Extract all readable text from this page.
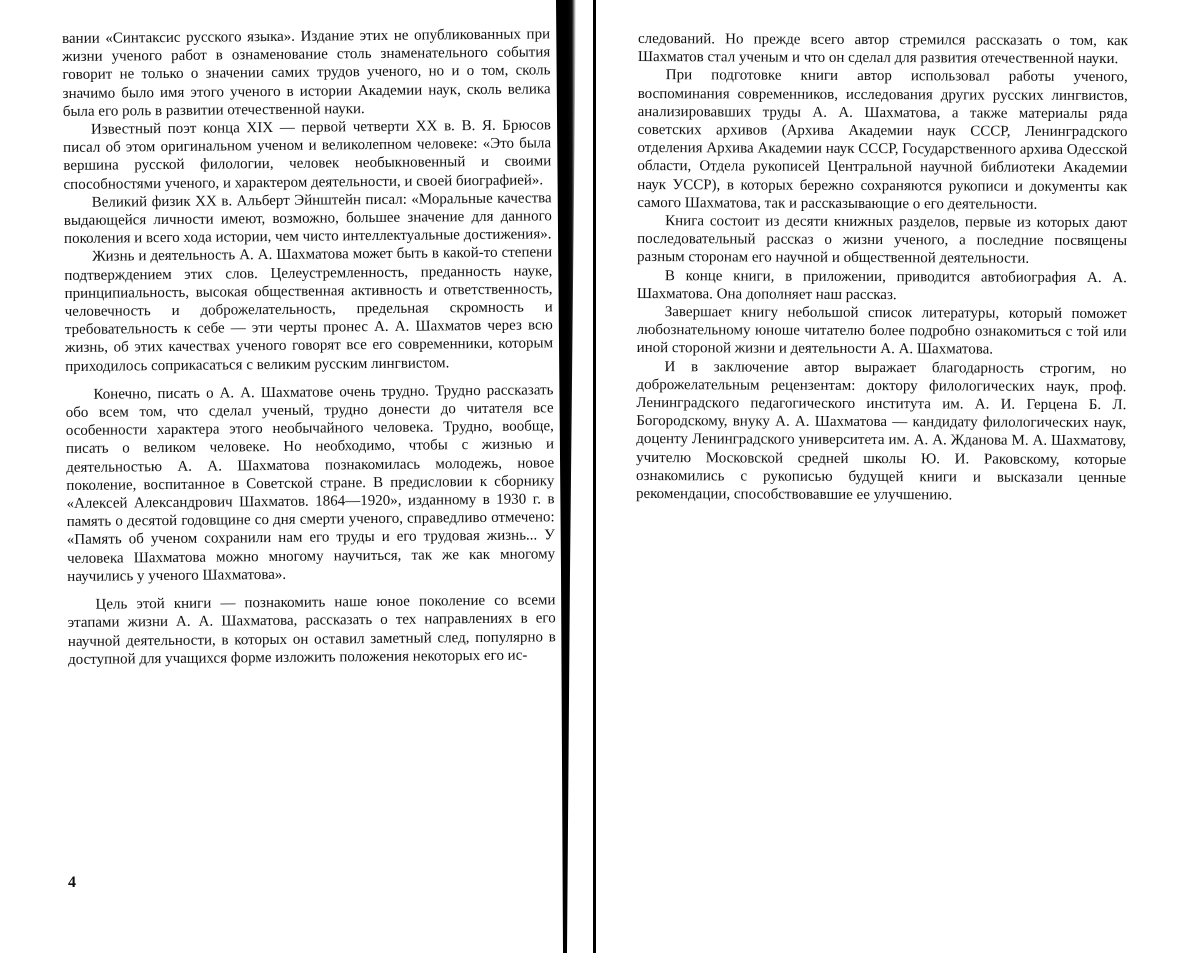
вании «Синтаксис русского языка». Издание этих не опубликованных при жизни ученого работ в ознаменование столь знаменательного события говорит не только о значении самих трудов ученого, но и о том, сколь значимо было имя этого ученого в истории Академии наук, сколь велика была его роль в развитии отечественной науки.

Известный поэт конца XIX — первой четверти XX в. В. Я. Брюсов писал об этом оригинальном ученом и великолепном человеке: «Это была вершина русской филологии, человек необыкновенный и своими способностями ученого, и характером деятельности, и своей биографией».

Великий физик XX в. Альберт Эйнштейн писал: «Моральные качества выдающейся личности имеют, возможно, большее значение для данного поколения и всего хода истории, чем чисто интеллектуальные достижения».

Жизнь и деятельность А. А. Шахматова может быть в какой-то степени подтверждением этих слов. Целеустремленность, преданность науке, принципиальность, высокая общественная активность и ответственность, человечность и доброжелательность, предельная скромность и требовательность к себе — эти черты пронес А. А. Шахматов через всю жизнь, об этих качествах ученого говорят все его современники, которым приходилось соприкасаться с великим русским лингвистом.

Конечно, писать о А. А. Шахматове очень трудно. Трудно рассказать обо всем том, что сделал ученый, трудно донести до читателя все особенности характера этого необычайного человека. Трудно, вообще, писать о великом человеке. Но необходимо, чтобы с жизнью и деятельностью А. А. Шахматова познакомилась молодежь, новое поколение, воспитанное в Советской стране. В предисловии к сборнику «Алексей Александрович Шахматов. 1864—1920», изданному в 1930 г. в память о десятой годовщине со дня смерти ученого, справедливо отмечено: «Память об ученом сохранили нам его труды и его трудовая жизнь... У человека Шахматова можно многому научиться, так же как многому научились у ученого Шахматова».

Цель этой книги — познакомить наше юное поколение со всеми этапами жизни А. А. Шахматова, рассказать о тех направлениях в его научной деятельности, в которых он оставил заметный след, популярно в доступной для учащихся форме изложить положения некоторых его ис-

следований. Но прежде всего автор стремился рассказать о том, как Шахматов стал ученым и что он сделал для развития отечественной науки.

При подготовке книги автор использовал работы ученого, воспоминания современников, исследования других русских лингвистов, анализировавших труды А. А. Шахматова, а также материалы ряда советских архивов (Архива Академии наук СССР, Ленинградского отделения Архива Академии наук СССР, Государственного архива Одесской области, Отдела рукописей Центральной научной библиотеки Академии наук УССР), в которых бережно сохраняются рукописи и документы как самого Шахматова, так и рассказывающие о его деятельности.

Книга состоит из десяти книжных разделов, первые из которых дают последовательный рассказ о жизни ученого, а последние посвящены разным сторонам его научной и общественной деятельности.

В конце книги, в приложении, приводится автобиография А. А. Шахматова. Она дополняет наш рассказ.

Завершает книгу небольшой список литературы, который поможет любознательному юноше читателю более подробно ознакомиться с той или иной стороной жизни и деятельности А. А. Шахматова.

И в заключение автор выражает благодарность строгим, но доброжелательным рецензентам: доктору филологических наук, проф. Ленинградского педагогического института им. А. И. Герцена Б. Л. Богородскому, внуку А. А. Шахматова — кандидату филологических наук, доценту Ленинградского университета им. А. А. Жданова М. А. Шахматову, учителю Московской средней школы Ю. И. Раковскому, которые ознакомились с рукописью будущей книги и высказали ценные рекомендации, способствовавшие ее улучшению.

4
